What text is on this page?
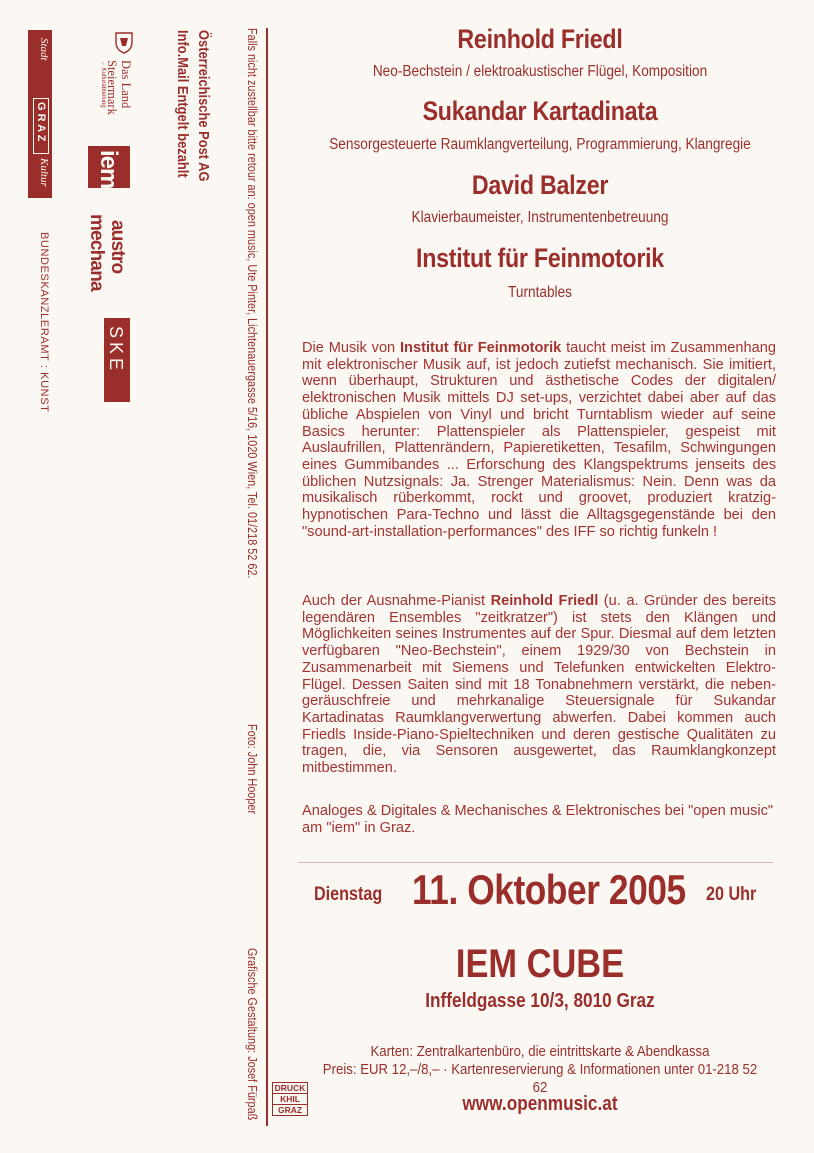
Stadt
G R A Z
Kultur
Das Land
Steiermark
→ Kulturabteilung
iem
austro
mechana
SKE
BUNDESKANZLERAMT : KUNST
Österreichische Post AG
Info.Mail Entgelt bezahlt	Falls nicht zustellbar bitte retour an: open music, Ute Pinter, Lichtenauergasse 5/16, 1020 Wien, Tel. 01/218 52 62.
Foto: John Hooper
Grafische Gestaltung: Josef Fürpaß DRUCK
KHIL
GRAZ
Reinhold Friedl
Neo-Bechstein / elektroakustischer Flügel, Komposition
Sukandar Kartadinata
Sensorgesteuerte Raumklangverteilung, Programmierung, Klangregie
David Balzer
Klavierbaumeister, Instrumentenbetreuung
Institut für Feinmotorik
Turntables
Die Musik von Institut für Feinmotorik taucht meist im Zusammenhang mit elektronischer Musik auf, ist jedoch zutiefst mechanisch. Sie imitiert, wenn überhaupt, Strukturen und ästhetische Codes der digitalen/ elektronischen Musik mittels DJ set-ups, verzichtet dabei aber auf das übliche Abspielen von Vinyl und bricht Turntablism wieder auf seine Basics herunter: Plattenspieler als Plattenspieler, gespeist mit Auslaufrillen, Plattenrändern, Papieretiketten, Tesafilm, Schwingungen eines Gummibandes ... Erforschung des Klangspektrums jenseits des üblichen Nutzsignals: Ja. Strenger Materialismus: Nein. Denn was da musikalisch rüberkommt, rockt und groovet, produziert kratzig-hypnotischen Para-Techno und lässt die Alltagsgegenstände bei den "sound-art-installation-performances" des IFF so richtig funkeln !
Auch der Ausnahme-Pianist Reinhold Friedl (u. a. Gründer des bereits legendären Ensembles "zeitkratzer") ist stets den Klängen und Möglichkeiten seines Instrumentes auf der Spur. Diesmal auf dem letzten verfügbaren "Neo-Bechstein", einem 1929/30 von Bechstein in Zusammenarbeit mit Siemens und Telefunken entwickelten Elektro-Flügel. Dessen Saiten sind mit 18 Tonabnehmern verstärkt, die neben-geräuschfreie und mehrkanalige Steuersignale für Sukandar Kartadinatas Raumklangverwertung abwerfen. Dabei kommen auch Friedls Inside-Piano-Spieltechniken und deren gestische Qualitäten zu tragen, die, via Sensoren ausgewertet, das Raumklangkonzept mitbestimmen.
Analoges & Digitales & Mechanisches & Elektronisches bei "open music" am "iem" in Graz.
Dienstag 11. Oktober 2005 20 Uhr
IEM CUBE
Inffeldgasse 10/3, 8010 Graz
Karten: Zentralkartenbüro, die eintrittskarte & Abendkassa
Preis: EUR 12,–/8,– · Kartenreservierung & Informationen unter 01-218 52 62
www.openmusic.at
